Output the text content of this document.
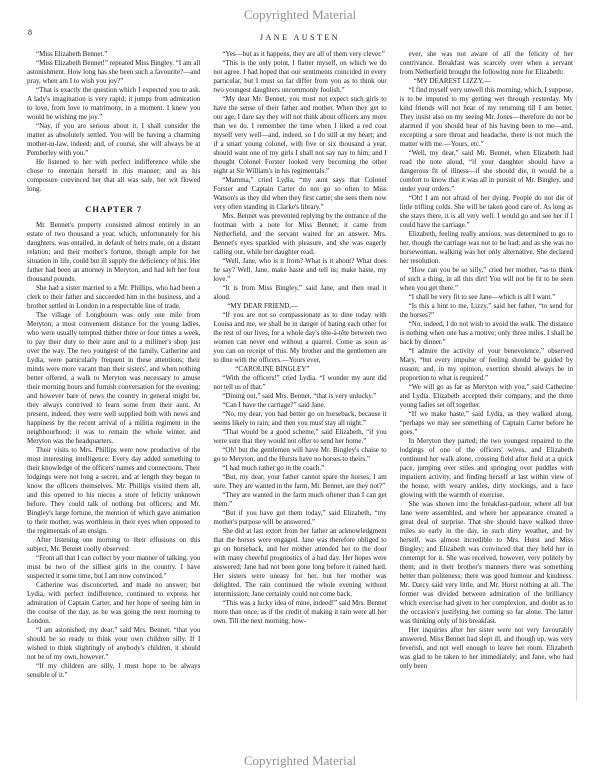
Copyrighted Material
8
JANE AUSTEN
“Miss Elizabeth Bennet.”
“Miss Elizabeth Bennet!” repeated Miss Bingley. “I am all astonishment. How long has she been such a favourite?—and pray, when am I to wish you joy?”
“That is exactly the question which I expected you to ask. A lady's imagination is very rapid; it jumps from admiration to love, from love to matrimony, in a moment. I knew you would be wishing me joy.”
“Nay, if you are serious about it, I shall consider the matter as absolutely settled. You will be having a charming mother-in-law, indeed; and, of course, she will always be at Pemberley with you.”
He listened to her with perfect indifference while she chose to entertain herself in this manner; and as his composure convinced her that all was safe, her wit flowed long.
CHAPTER 7
Mr. Bennet's property consisted almost entirely in an estate of two thousand a year, which, unfortunately for his daughters, was entailed, in default of heirs male, on a distant relation; and their mother's fortune, though ample for her situation in life, could but ill supply the deficiency of his. Her father had been an attorney in Meryton, and had left her four thousand pounds.
She had a sister married to a Mr. Phillips, who had been a clerk to their father and succeeded him in the business, and a brother settled in London in a respectable line of trade.
The village of Longbourn was only one mile from Meryton; a most convenient distance for the young ladies, who were usually tempted thither three or four times a week, to pay their duty to their aunt and to a milliner's shop just over the way. The two youngest of the family, Catherine and Lydia, were particularly frequent in these attentions; their minds were more vacant than their sisters', and when nothing better offered, a walk to Meryton was necessary to amuse their morning hours and furnish conversation for the evening; and however bare of news the country in general might be, they always contrived to learn some from their aunt. At present, indeed, they were well supplied both with news and happiness by the recent arrival of a militia regiment in the neighbourhood; it was to remain the whole winter, and Meryton was the headquarters.
Their visits to Mrs. Phillips were now productive of the most interesting intelligence. Every day added something to their knowledge of the officers' names and connections. Their lodgings were not long a secret, and at length they began to know the officers themselves. Mr. Phillips visited them all, and this opened to his nieces a store of felicity unknown before. They could talk of nothing but officers; and Mr. Bingley's large fortune, the mention of which gave animation to their mother, was worthless in their eyes when opposed to the regimentals of an ensign.
After listening one morning to their effusions on this subject, Mr. Bennet coolly observed:
“From all that I can collect by your manner of talking, you must be two of the silliest girls in the country. I have suspected it some time, but I am now convinced.”
Catherine was disconcerted, and made no answer; but Lydia, with perfect indifference, continued to express her admiration of Captain Carter, and her hope of seeing him in the course of the day, as he was going the next morning to London.
“I am astonished, my dear,” said Mrs. Bennet, “that you should be so ready to think your own children silly. If I wished to think slightingly of anybody's children, it should not be of my own, however.”
“If my children are silly, I must hope to be always sensible of it.”
“Yes—but as it happens, they are all of them very clever.”
“This is the only point, I flatter myself, on which we do not agree. I had hoped that our sentiments coincided in every particular, but I must so far differ from you as to think our two youngest daughters uncommonly foolish.”
“My dear Mr. Bennet, you must not expect such girls to have the sense of their father and mother. When they get to our age, I dare say they will not think about officers any more than we do. I remember the time when I liked a red coat myself very well—and, indeed, so I do still at my heart; and if a smart young colonel, with five or six thousand a year, should want one of my girls I shall not say nay to him; and I thought Colonel Forster looked very becoming the other night at Sir William's in his regimentals.”
“Mamma,” cried Lydia, “my aunt says that Colonel Forster and Captain Carter do not go so often to Miss Watson's as they did when they first came; she sees them now very often standing in Clarke's library.”
Mrs. Bennet was prevented replying by the entrance of the footman with a note for Miss Bennet; it came from Netherfield, and the servant waited for an answer. Mrs. Bennet's eyes sparkled with pleasure, and she was eagerly calling out, while her daughter read,
“Well, Jane, who is it from? What is it about? What does he say? Well, Jane, make haste and tell us; make haste, my love.”
“It is from Miss Bingley,” said Jane, and then read it aloud.
“MY DEAR FRIEND,—
“If you are not so compassionate as to dine today with Louisa and me, we shall be in danger of hating each other for the rest of our lives, for a whole day's tête-à-tête between two women can never end without a quarrel. Come as soon as you can on receipt of this. My brother and the gentlemen are to dine with the officers.—Yours ever,
“CAROLINE BINGLEY”
“With the officers!” cried Lydia. “I wonder my aunt did not tell us of that.”
“Dining out,” said Mrs. Bennet, “that is very unlucky.”
“Can I have the carriage?” said Jane.
“No, my dear, you had better go on horseback, because it seems likely to rain; and then you must stay all night.”
“That would be a good scheme,” said Elizabeth, “if you were sure that they would not offer to send her home.”
“Oh! but the gentlemen will have Mr. Bingley's chaise to go to Meryton, and the Hursts have no horses to theirs.”
“I had much rather go in the coach.”
“But, my dear, your father cannot spare the horses, I am sure. They are wanted in the farm, Mr. Bennet, are they not?”
“They are wanted in the farm much oftener than I can get them.”
“But if you have got them today,” said Elizabeth, “my mother's purpose will be answered.”
She did at last extort from her father an acknowledgment that the horses were engaged. Jane was therefore obliged to go on horseback, and her mother attended her to the door with many cheerful prognostics of a bad day. Her hopes were answered; Jane had not been gone long before it rained hard. Her sisters were uneasy for her, but her mother was delighted. The rain continued the whole evening without intermission; Jane certainly could not come back.
“This was a lucky idea of mine, indeed!” said Mrs. Bennet more than once, as if the credit of making it rain were all her own. Till the next morning, how-
ever, she was not aware of all the felicity of her contrivance. Breakfast was scarcely over when a servant from Netherfield brought the following note for Elizabeth:
“MY DEAREST LIZZY,—
“I find myself very unwell this morning, which, I suppose, is to be imputed to my getting wet through yesterday. My kind friends will not hear of my returning till I am better. They insist also on my seeing Mr. Jones—therefore do not be alarmed if you should hear of his having been to me—and, excepting a sore throat and headache, there is not much the matter with me.—Yours, etc.”
“Well, my dear,” said Mr. Bennet, when Elizabeth had read the note aloud, “if your daughter should have a dangerous fit of illness—if she should die, it would be a comfort to know that it was all in pursuit of Mr. Bingley, and under your orders.”
“Oh! I am not afraid of her dying. People do not die of little trifling colds. She will be taken good care of. As long as she stays there, it is all very well. I would go and see her if I could have the carriage.”
Elizabeth, feeling really anxious, was determined to go to her, though the carriage was not to be had; and as she was no horsewoman, walking was her only alternative. She declared her resolution.
“How can you be so silly,” cried her mother, “as to think of such a thing, in all this dirt! You will not be fit to be seen when you get there.”
“I shall be very fit to see Jane—which is all I want.”
“Is this a hint to me, Lizzy,” said her father, “to send for the horses?”
“No, indeed, I do not wish to avoid the walk. The distance is nothing when one has a motive; only three miles. I shall be back by dinner.”
“I admire the activity of your benevolence,” observed Mary, “but every impulse of feeling should be guided by reason; and, in my opinion, exertion should always be in proportion to what is required.”
“We will go as far as Meryton with you,” said Catherine and Lydia. Elizabeth accepted their company, and the three young ladies set off together.
“If we make haste,” said Lydia, as they walked along, “perhaps we may see something of Captain Carter before he goes.”
In Meryton they parted; the two youngest repaired to the lodgings of one of the officers' wives, and Elizabeth continued her walk alone, crossing field after field at a quick pace, jumping over stiles and springing over puddles with impatient activity, and finding herself at last within view of the house, with weary ankles, dirty stockings, and a face glowing with the warmth of exercise.
She was shown into the breakfast-parlour, where all but Jane were assembled, and where her appearance created a great deal of surprise. That she should have walked three miles so early in the day, in such dirty weather, and by herself, was almost incredible to Mrs. Hurst and Miss Bingley; and Elizabeth was convinced that they held her in contempt for it. She was received, however, very politely by them; and in their brother's manners there was something better than politeness; there was good humour and kindness. Mr. Darcy said very little, and Mr. Hurst nothing at all. The former was divided between admiration of the brilliancy which exercise had given to her complexion, and doubt as to the occasion's justifying her coming so far alone. The latter was thinking only of his breakfast.
Her inquiries after her sister were not very favourably answered. Miss Bennet had slept ill, and though up, was very feverish, and not well enough to leave her room. Elizabeth was glad to be taken to her immediately; and Jane, who had only been
Copyrighted Material
